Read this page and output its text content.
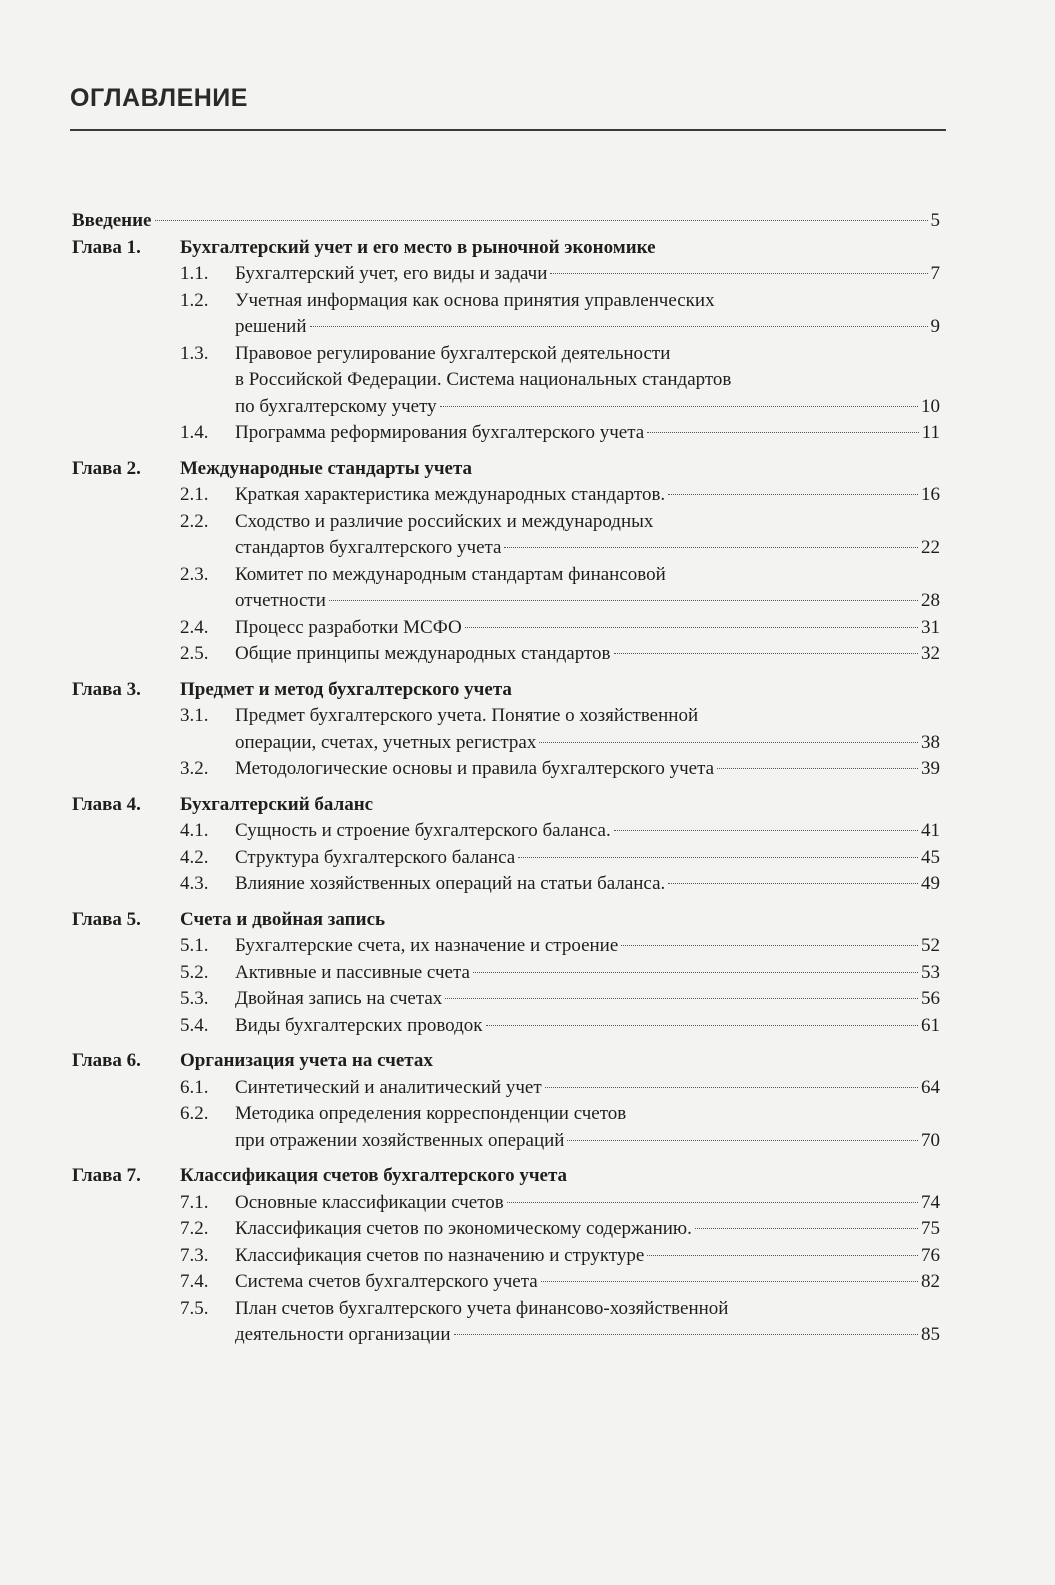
ОГЛАВЛЕНИЕ
Введение	5
Глава 1.	Бухгалтерский учет и его место в рыночной экономике
1.1.	Бухгалтерский учет, его виды и задачи	7
1.2.	Учетная информация как основа принятия управленческих
решений	9
1.3.	Правовое регулирование бухгалтерской деятельности
в Российской Федерации. Система национальных стандартов
по бухгалтерскому учету	10
1.4.	Программа реформирования бухгалтерского учета	11
Глава 2.	Международные стандарты учета
2.1.	Краткая характеристика международных стандартов.	16
2.2.	Сходство и различие российских и международных
стандартов бухгалтерского учета	22
2.3.	Комитет по международным стандартам финансовой
отчетности	28
2.4.	Процесс разработки МСФО	31
2.5.	Общие принципы международных стандартов	32
Глава 3.	Предмет и метод бухгалтерского учета
3.1.	Предмет бухгалтерского учета. Понятие о хозяйственной
операции, счетах, учетных регистрах	38
3.2.	Методологические основы и правила бухгалтерского учета	39
Глава 4.	Бухгалтерский баланс
4.1.	Сущность и строение бухгалтерского баланса.	41
4.2.	Структура бухгалтерского баланса	45
4.3.	Влияние хозяйственных операций на статьи баланса.	49
Глава 5.	Счета и двойная запись
5.1.	Бухгалтерские счета, их назначение и строение	52
5.2.	Активные и пассивные счета	53
5.3.	Двойная запись на счетах	56
5.4.	Виды бухгалтерских проводок	61
Глава 6.	Организация учета на счетах
6.1.	Синтетический и аналитический учет	64
6.2.	Методика определения корреспонденции счетов
при отражении хозяйственных операций	70
Глава 7.	Классификация счетов бухгалтерского учета
7.1.	Основные классификации счетов	74
7.2.	Классификация счетов по экономическому содержанию.	75
7.3.	Классификация счетов по назначению и структуре	76
7.4.	Система счетов бухгалтерского учета	82
7.5.	План счетов бухгалтерского учета финансово-хозяйственной
деятельности организации	85
